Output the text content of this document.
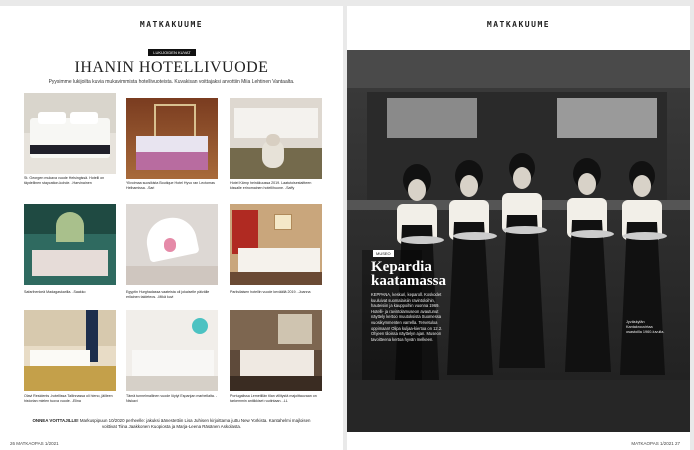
MATKAKUUME
LUKIJOIDEN KUVAT
IHANIN HOTELLIVUODE
Pyysimme lukijoilta kuvia mukavimmista hotellivuoteista. Kuvakisan voittajaksi arvottiin Miia Lehtinen Vantaalta.
St. Georgen mukava vuode Helsingissä. Hotelli on täydellinen staycation-kohde. -Harvinainen	Ylivoimaa suosikista Boutique Hotel Hyvo ran Lectomas Helhamissa. -Sari
Hotel Kärnp heinäkuussa 2019. Laatutoisestaitteen kissalle erinomainen hotellihuone. -Saffy
Safarihenkeä Madagaskarilla. -Saakko	Egyptin Hurghadassa vaateista oli jokaiselle päivälle erilainen taideteos. -Mikä kuvi
Pariisilaisen hotellin vuode keväällä 2019. -Joanna
Olavi Residents -hotellissa Tallinnassa oli hieno, jäilleen historian mielen tuova vuode. -Elina
Tämä tunnelmallinen vuode löytyi Espanjan marbellalta. -Niskavi
Portugalissa Lemetillän tilan villitystä majoittauvaan on tarkemmin antiikkiset ruutintaan. -LL
ONNEA VOITTAJILLE! Markuspipuun 10/2020 perheelle: jakuksi äänestettiin Lisa Juhisen kirjoittama juttu New Yorkista. Kantahelmi majloisen voittivat Tiina Jaakkonen Kuopiosta ja Marja-Leena Räsänen Askolasta.
26 MATKAOPAS 1/2021
MATKAKUUME
MATKAOPAS 1/2021 27
MUSEO
Kepardia
kaatamassa
KEPPANA, keskuri, keparoll. Koskodet kuuluivat suomalaisiin ravintoloihin, hauteisiin ja kauppoihin vuonna 1969. Hotelli- ja ravintolamuseon avautunut näyttely kertoo muutoksista Suomessa vuosikymmenten varrella. Tervetuloa oppimaan! Olipa kuljaa-kiertoa on 12.2. Ohjeen tiloissa näyttelyn ajan. Museon tavoitteena kertoa hyvän melkeen.
Jyväskylän Kantakrouvirtaa osastoilla 1960-luvulla.
